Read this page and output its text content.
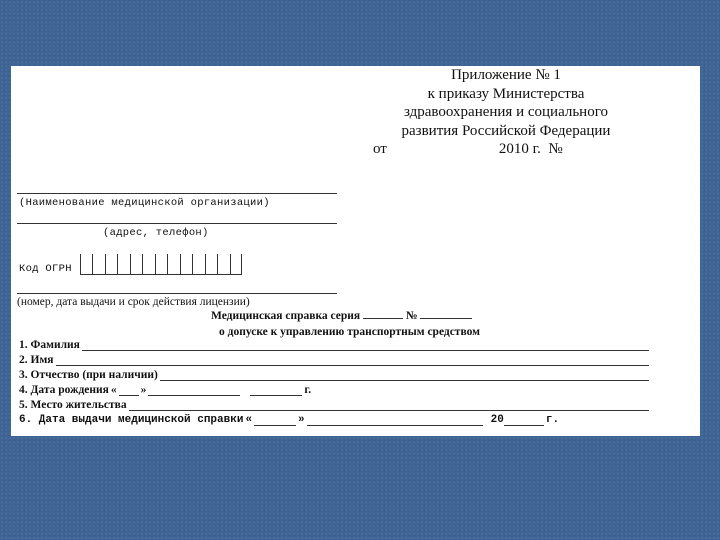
Приложение № 1
к приказу Министерства
здравоохранения и социального
развития Российской Федерации
от	2010 г. №
(Наименование медицинской организации)
(адрес, телефон)
Код ОГРН
(номер, дата выдачи и срок действия лицензии)
Медицинская справка серия	№
о допуске к управлению транспортным средством
1. Фамилия
2. Имя
3. Отчество (при наличии)
4. Дата рождения « »	г.
5. Место жительства
6. Дата выдачи медицинской справки «	»	20	г.
